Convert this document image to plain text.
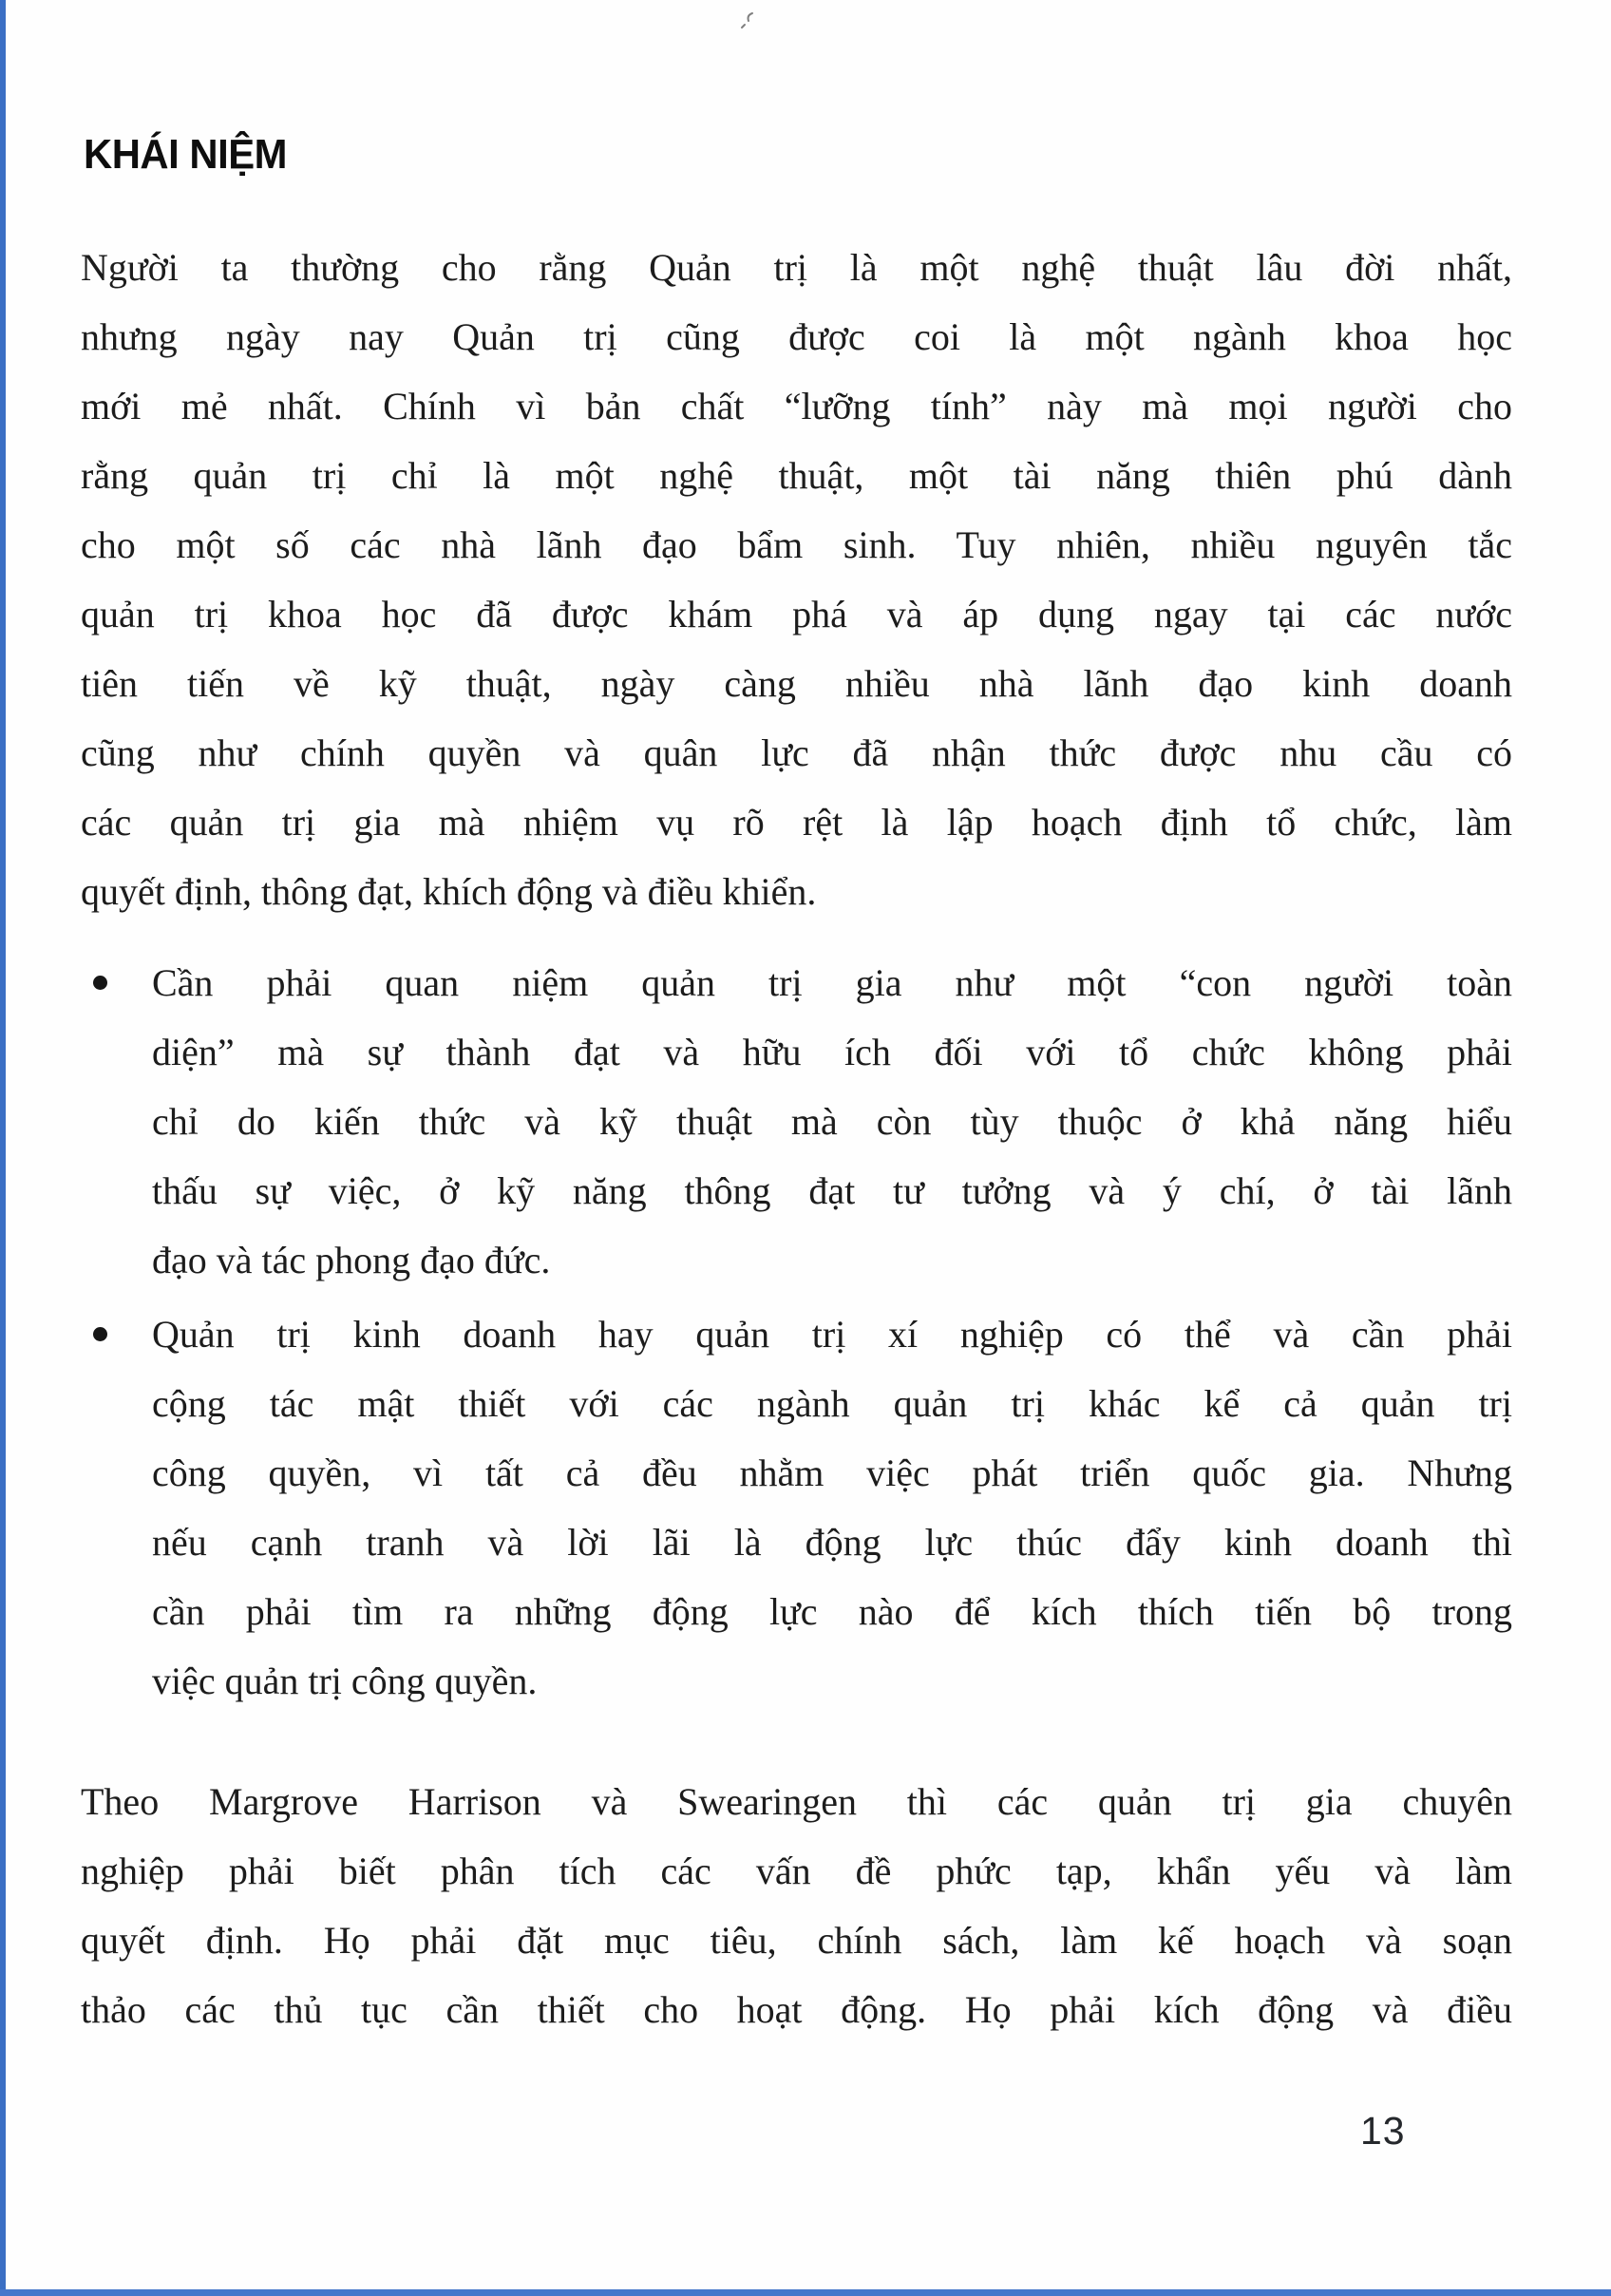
KHÁI NIỆM
Người ta thường cho rằng Quản trị là một nghệ thuật lâu đời nhất,
nhưng ngày nay Quản trị cũng được coi là một ngành khoa học
mới mẻ nhất. Chính vì bản chất “lưỡng tính” này mà mọi người cho
rằng quản trị chỉ là một nghệ thuật, một tài năng thiên phú dành
cho một số các nhà lãnh đạo bẩm sinh. Tuy nhiên, nhiều nguyên tắc
quản trị khoa học đã được khám phá và áp dụng ngay tại các nước
tiên tiến về kỹ thuật, ngày càng nhiều nhà lãnh đạo kinh doanh
cũng như chính quyền và quân lực đã nhận thức được nhu cầu có
các quản trị gia mà nhiệm vụ rõ rệt là lập hoạch định tổ chức, làm
quyết định, thông đạt, khích động và điều khiển.
Cần phải quan niệm quản trị gia như một “con người toàn
diện” mà sự thành đạt và hữu ích đối với tổ chức không phải
chỉ do kiến thức và kỹ thuật mà còn tùy thuộc ở khả năng hiểu
thấu sự việc, ở kỹ năng thông đạt tư tưởng và ý chí, ở tài lãnh
đạo và tác phong đạo đức.
Quản trị kinh doanh hay quản trị xí nghiệp có thể và cần phải
cộng tác mật thiết với các ngành quản trị khác kể cả quản trị
công quyền, vì tất cả đều nhằm việc phát triển quốc gia. Nhưng
nếu cạnh tranh và lời lãi là động lực thúc đẩy kinh doanh thì
cần phải tìm ra những động lực nào để kích thích tiến bộ trong
việc quản trị công quyền.
Theo Margrove Harrison và Swearingen thì các quản trị gia chuyên
nghiệp phải biết phân tích các vấn đề phức tạp, khẩn yếu và làm
quyết định. Họ phải đặt mục tiêu, chính sách, làm kế hoạch và soạn
thảo các thủ tục cần thiết cho hoạt động. Họ phải kích động và điều
13
